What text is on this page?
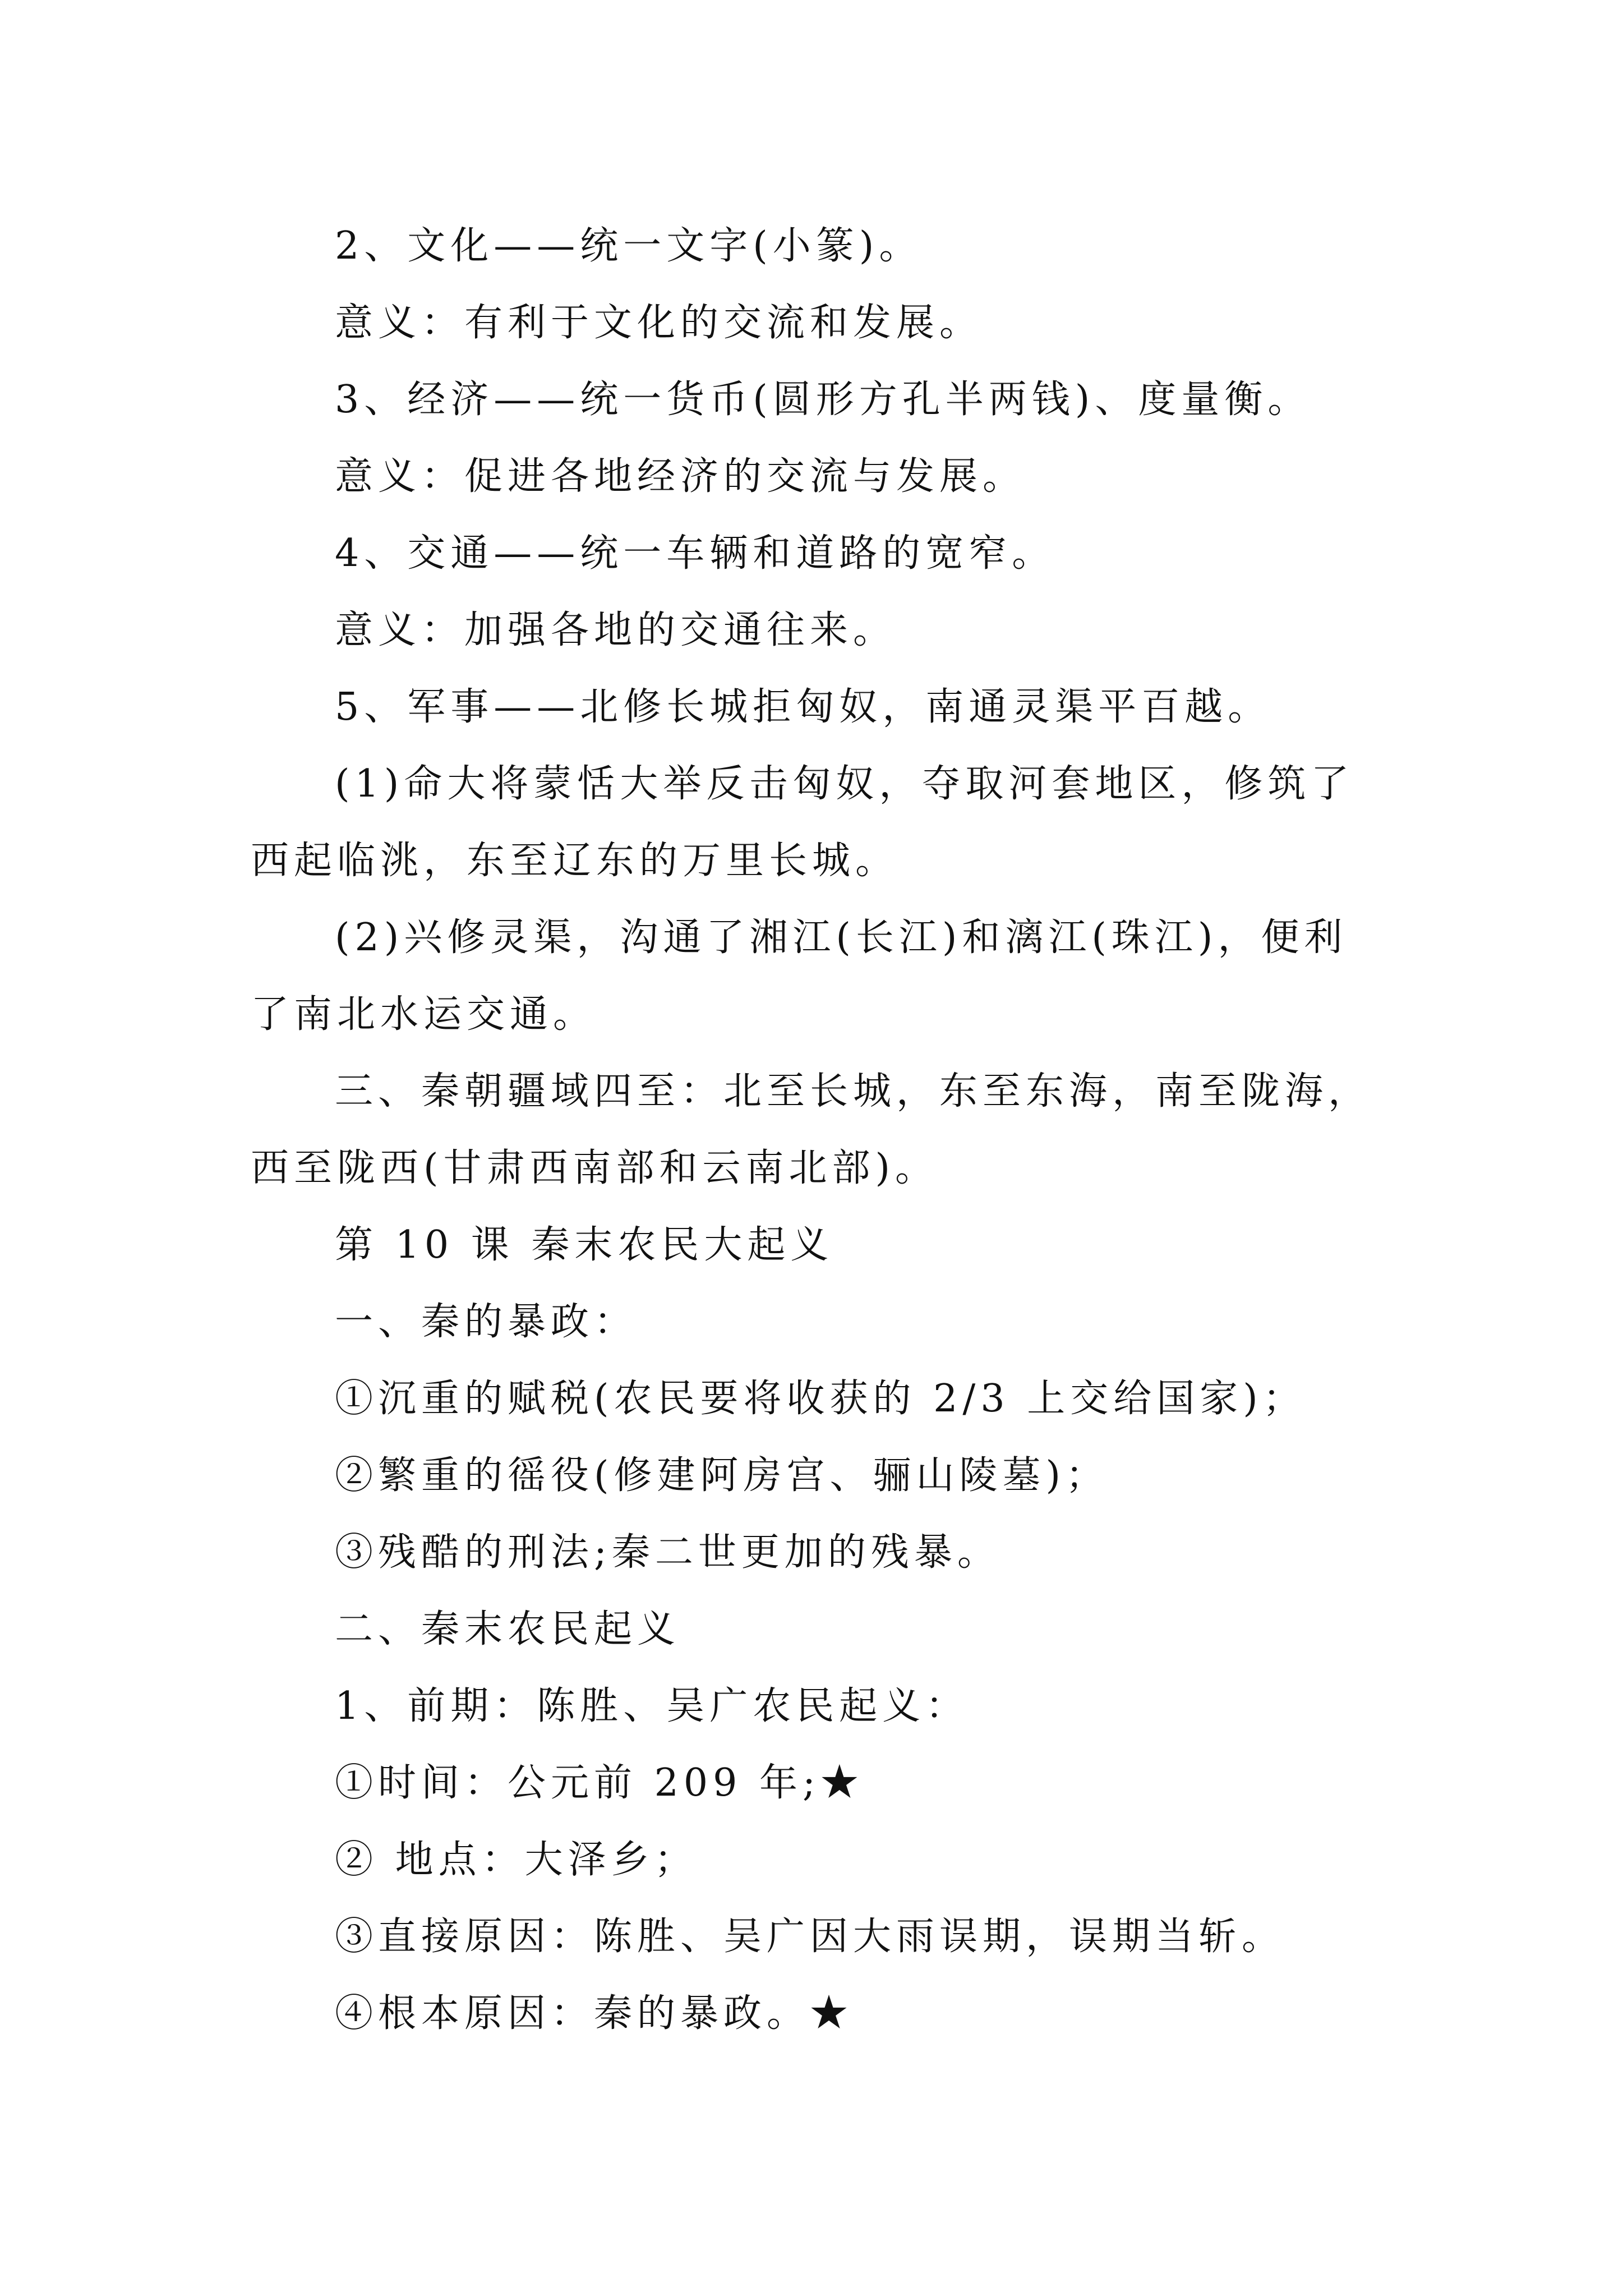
2、文化——统一文字(小篆)。
意义：有利于文化的交流和发展。
3、经济——统一货币(圆形方孔半两钱)、度量衡。
意义：促进各地经济的交流与发展。
4、交通——统一车辆和道路的宽窄。
意义：加强各地的交通往来。
5、军事——北修长城拒匈奴，南通灵渠平百越。
(1)命大将蒙恬大举反击匈奴，夺取河套地区，修筑了西起临洮，东至辽东的万里长城。
(2)兴修灵渠，沟通了湘江(长江)和漓江(珠江)，便利了南北水运交通。
三、秦朝疆域四至：北至长城，东至东海，南至陇海，西至陇西(甘肃西南部和云南北部)。
第 10 课 秦末农民大起义
一、秦的暴政：
①沉重的赋税(农民要将收获的 2/3 上交给国家)；
②繁重的徭役(修建阿房宫、骊山陵墓)；
③残酷的刑法;秦二世更加的残暴。
二、秦末农民起义
1、前期：陈胜、吴广农民起义：
①时间：公元前 209 年;★
② 地点：大泽乡；
③直接原因：陈胜、吴广因大雨误期，误期当斩。
④根本原因：秦的暴政。★
